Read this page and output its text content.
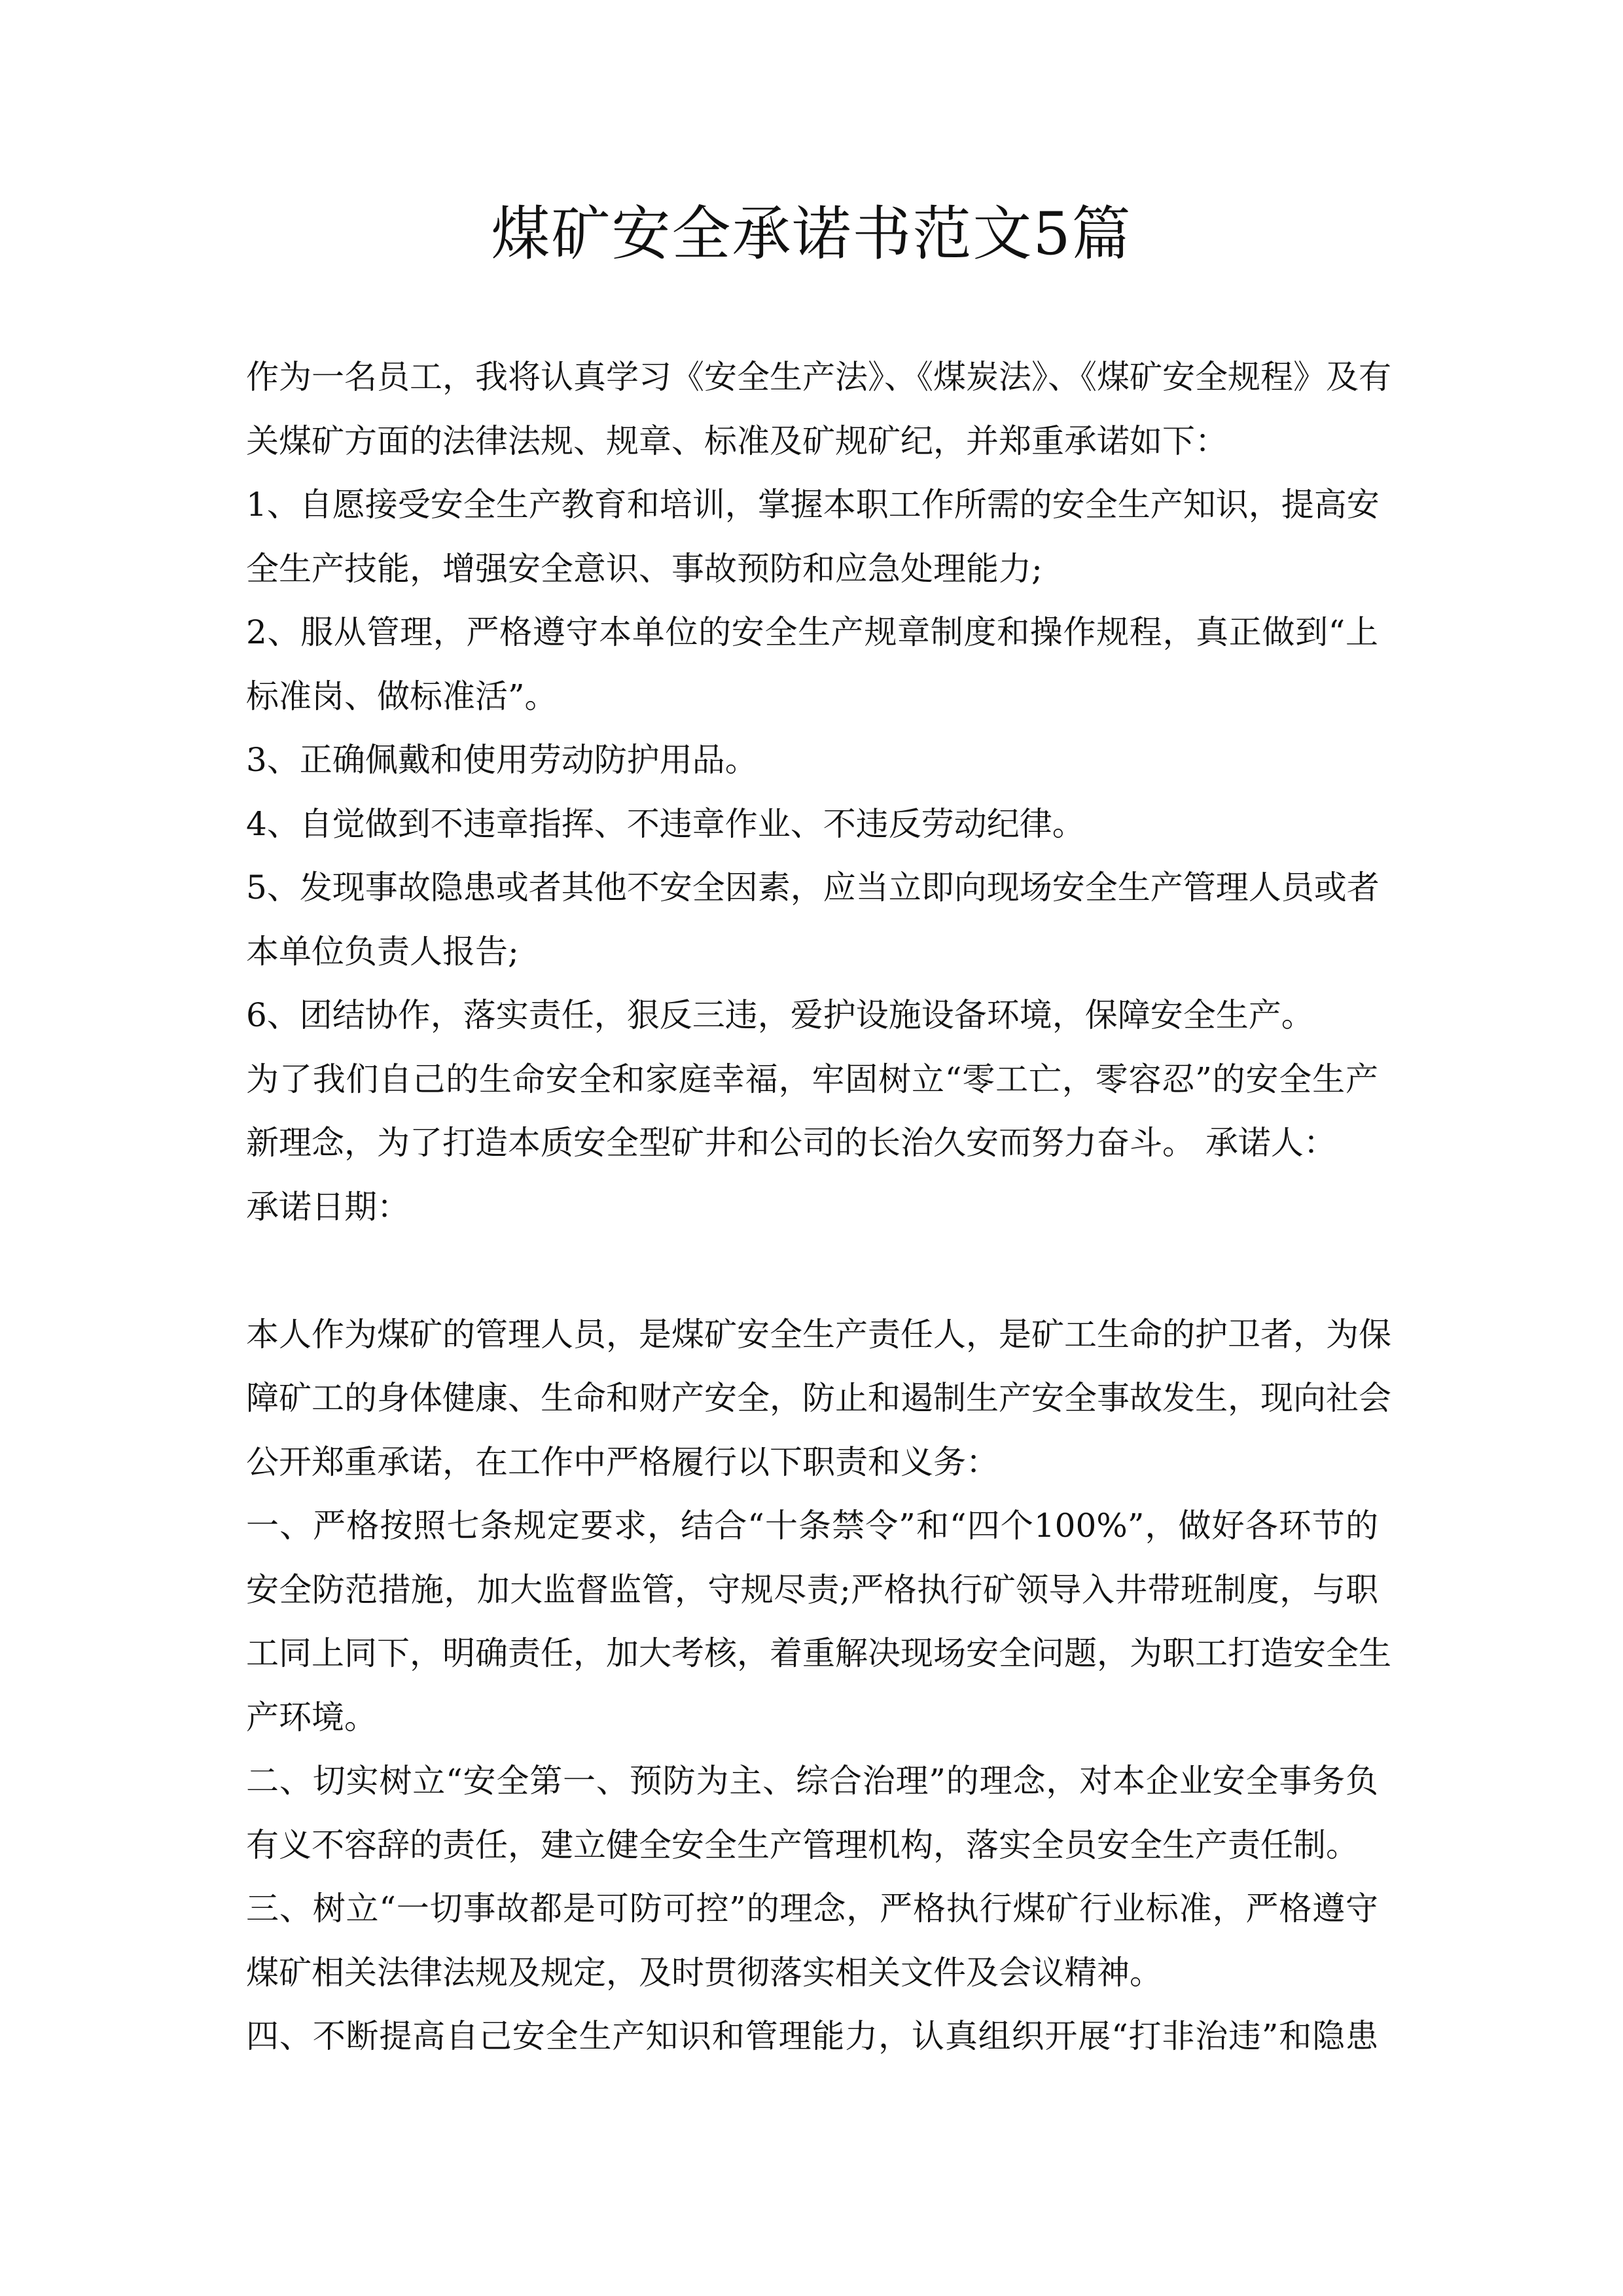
煤矿安全承诺书范文5篇
作为一名员工，我将认真学习《安全生产法》、《煤炭法》、《煤矿安全规程》及有
关煤矿方面的法律法规、规章、标准及矿规矿纪，并郑重承诺如下：
1、自愿接受安全生产教育和培训，掌握本职工作所需的安全生产知识，提高安
全生产技能，增强安全意识、事故预防和应急处理能力;
2、服从管理，严格遵守本单位的安全生产规章制度和操作规程，真正做到“上
标准岗、做标准活”。
3、正确佩戴和使用劳动防护用品。
4、自觉做到不违章指挥、不违章作业、不违反劳动纪律。
5、发现事故隐患或者其他不安全因素，应当立即向现场安全生产管理人员或者
本单位负责人报告;
6、团结协作，落实责任，狠反三违，爱护设施设备环境，保障安全生产。
为了我们自己的生命安全和家庭幸福，牢固树立“零工亡，零容忍”的安全生产
新理念，为了打造本质安全型矿井和公司的长治久安而努力奋斗。 承诺人：
承诺日期：
本人作为煤矿的管理人员，是煤矿安全生产责任人，是矿工生命的护卫者，为保
障矿工的身体健康、生命和财产安全，防止和遏制生产安全事故发生，现向社会
公开郑重承诺，在工作中严格履行以下职责和义务：
一、严格按照七条规定要求，结合“十条禁令”和“四个100%”，做好各环节的
安全防范措施，加大监督监管，守规尽责;严格执行矿领导入井带班制度，与职
工同上同下，明确责任，加大考核，着重解决现场安全问题，为职工打造安全生
产环境。
二、切实树立“安全第一、预防为主、综合治理”的理念，对本企业安全事务负
有义不容辞的责任，建立健全安全生产管理机构，落实全员安全生产责任制。
三、树立“一切事故都是可防可控”的理念，严格执行煤矿行业标准，严格遵守
煤矿相关法律法规及规定，及时贯彻落实相关文件及会议精神。
四、不断提高自己安全生产知识和管理能力，认真组织开展“打非治违”和隐患
